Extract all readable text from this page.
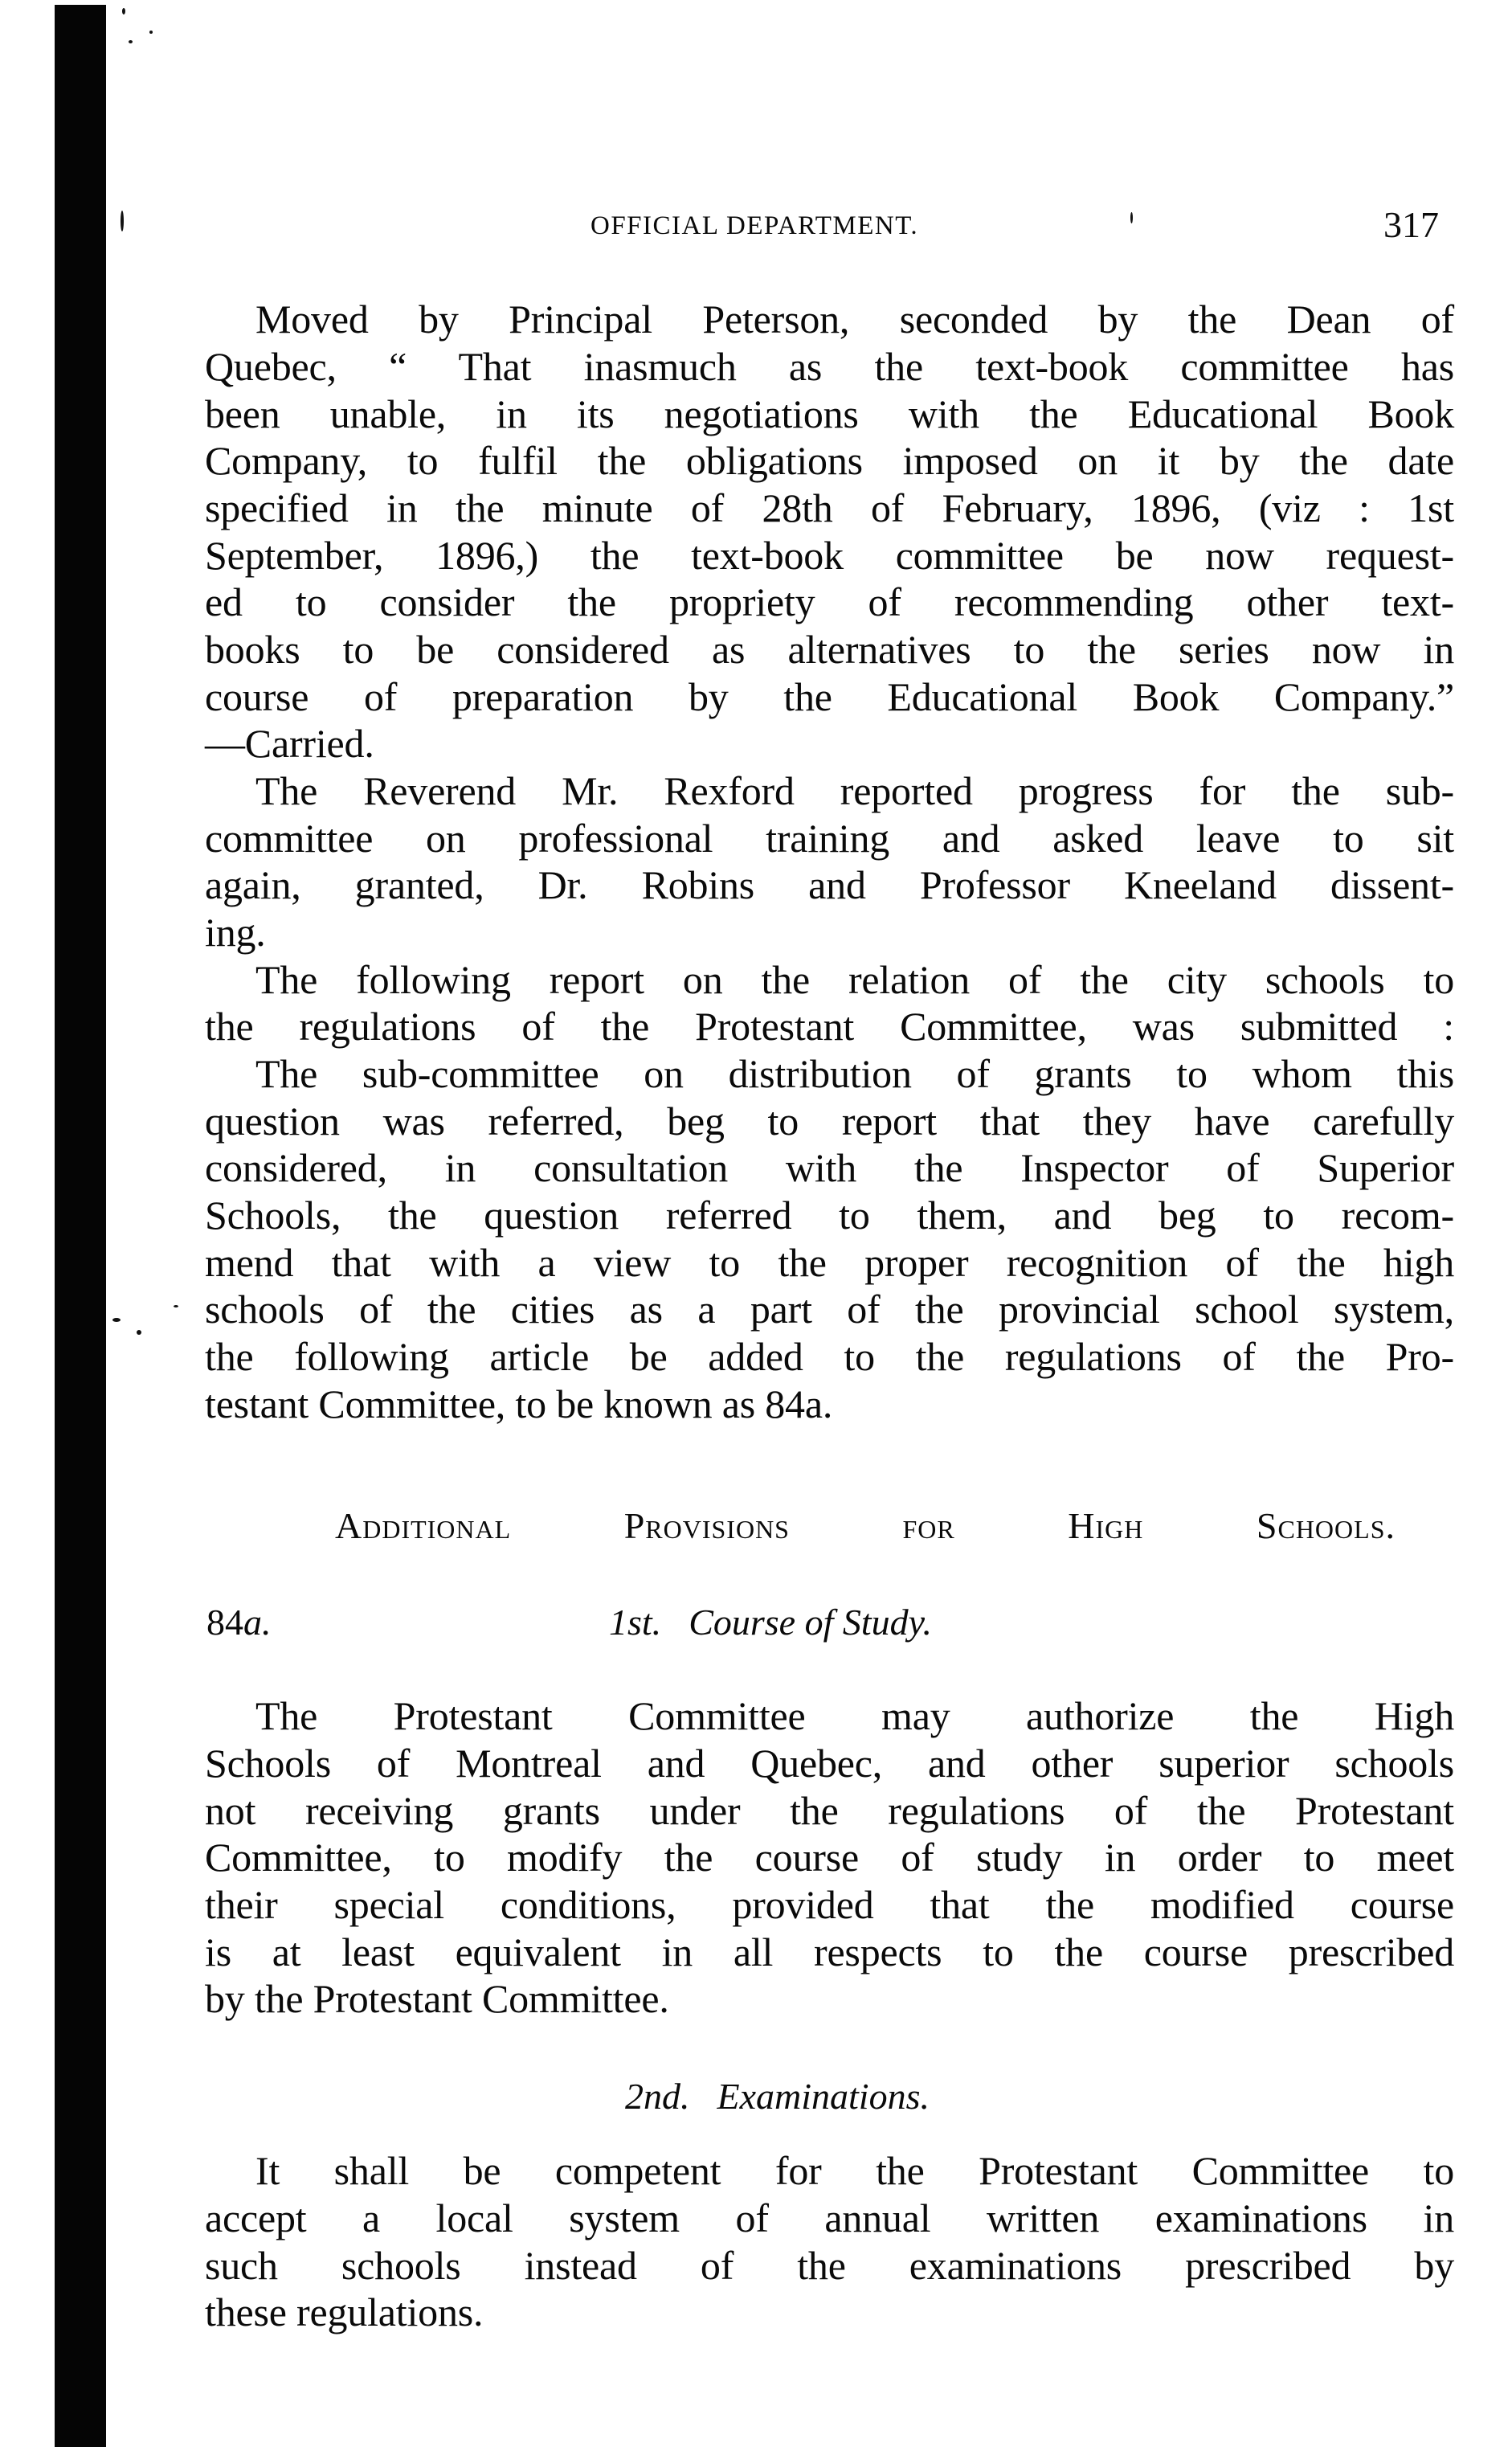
OFFICIAL DEPARTMENT.	317
Moved by Principal Peterson, seconded by the Dean of
Quebec, “ That inasmuch as the text-book committee has
been unable, in its negotiations with the Educational Book
Company, to fulfil the obligations imposed on it by the date
specified in the minute of 28th of February, 1896, (viz : 1st
September, 1896,) the text-book committee be now request-
ed to consider the propriety of recommending other text-
books to be considered as alternatives to the series now in
course of preparation by the Educational Book Company.”
—Carried.
The Reverend Mr. Rexford reported progress for the sub-
committee on professional training and asked leave to sit
again, granted, Dr. Robins and Professor Kneeland dissent-
ing.
The following report on the relation of the city schools to
the regulations of the Protestant Committee, was submitted :
The sub-committee on distribution of grants to whom this
question was referred, beg to report that they have carefully
considered, in consultation with the Inspector of Superior
Schools, the question referred to them, and beg to recom-
mend that with a view to the proper recognition of the high
schools of the cities as a part of the provincial school system,
the following article be added to the regulations of the Pro-
testant Committee, to be known as 84a.
Additional Provisions for High Schools.
84a.	1st. Course of Study.
The Protestant Committee may authorize the High
Schools of Montreal and Quebec, and other superior schools
not receiving grants under the regulations of the Protestant
Committee, to modify the course of study in order to meet
their special conditions, provided that the modified course
is at least equivalent in all respects to the course prescribed
by the Protestant Committee.
2nd. Examinations.
It shall be competent for the Protestant Committee to
accept a local system of annual written examinations in
such schools instead of the examinations prescribed by
these regulations.
